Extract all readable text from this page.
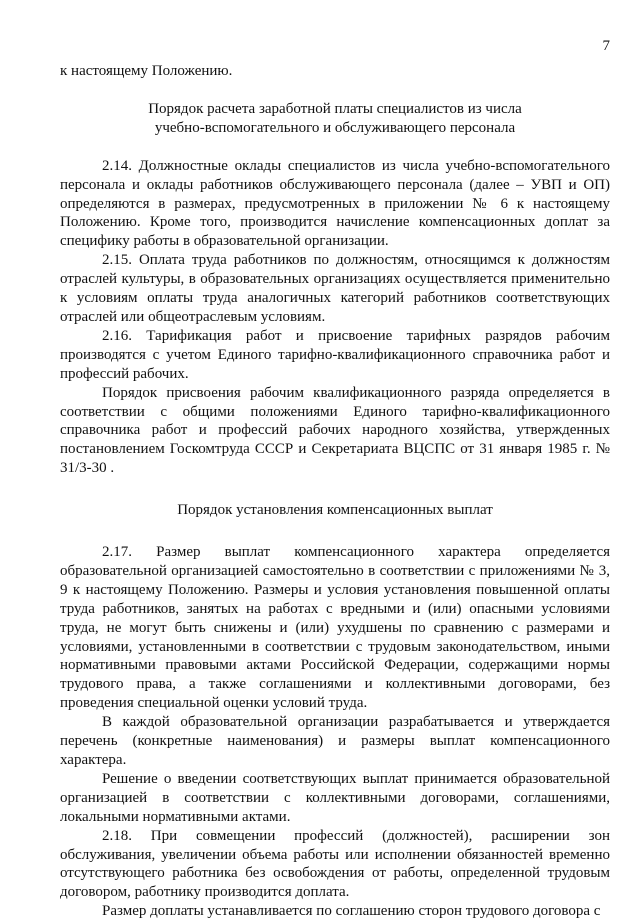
7

к настоящему Положению.

Порядок расчета заработной платы специалистов из числа

учебно-вспомогательного и обслуживающего персонала

2.14. Должностные оклады специалистов из числа учебно-вспомогательного персонала и оклады работников обслуживающего персонала (далее – УВП и ОП) определяются в размерах, предусмотренных в приложении № 6 к настоящему Положению. Кроме того, производится начисление компенсационных доплат за специфику работы в образовательной организации.

2.15. Оплата труда работников по должностям, относящимся к должностям отраслей культуры, в образовательных организациях осуществляется применительно к условиям оплаты труда аналогичных категорий работников соответствующих отраслей или общеотраслевым условиям.

2.16. Тарификация работ и присвоение тарифных разрядов рабочим производятся с учетом Единого тарифно-квалификационного справочника работ и профессий рабочих.

Порядок присвоения рабочим квалификационного разряда определяется в соответствии с общими положениями Единого тарифно-квалификационного справочника работ и профессий рабочих народного хозяйства, утвержденных постановлением Госкомтруда СССР и Секретариата ВЦСПС от 31 января 1985 г. № 31/3-30 .

Порядок установления компенсационных выплат

2.17. Размер выплат компенсационного характера определяется образовательной организацией самостоятельно в соответствии с приложениями № 3, 9 к настоящему Положению. Размеры и условия установления повышенной оплаты труда работников, занятых на работах с вредными и (или) опасными условиями труда, не могут быть снижены и (или) ухудшены по сравнению с размерами и условиями, установленными в соответствии с трудовым законодательством, иными нормативными правовыми актами Российской Федерации, содержащими нормы трудового права, а также соглашениями и коллективными договорами, без проведения специальной оценки условий труда.

В каждой образовательной организации разрабатывается и утверждается перечень (конкретные наименования) и размеры выплат компенсационного характера.

Решение о введении соответствующих выплат принимается образовательной организацией в соответствии с коллективными договорами, соглашениями, локальными нормативными актами.

2.18. При совмещении профессий (должностей), расширении зон обслуживания, увеличении объема работы или исполнении обязанностей временно отсутствующего работника без освобождения от работы, определенной трудовым договором, работнику производится доплата.

Размер доплаты устанавливается по соглашению сторон трудового договора с
